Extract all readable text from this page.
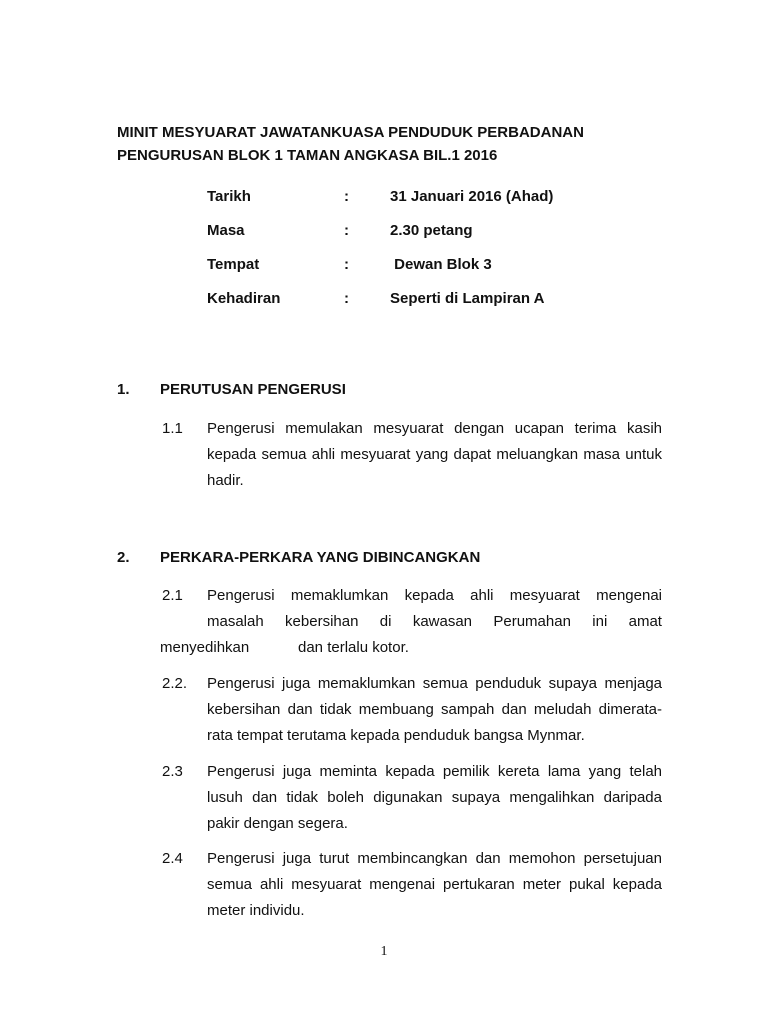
MINIT MESYUARAT JAWATANKUASA PENDUDUK PERBADANAN
PENGURUSAN BLOK 1 TAMAN ANGKASA BIL.1 2016
Tarikh	:	31 Januari 2016 (Ahad)
Masa	:	2.30 petang
Tempat	:	Dewan Blok 3
Kehadiran	:	Seperti di Lampiran A
1. PERUTUSAN PENGERUSI
1.1 Pengerusi memulakan mesyuarat dengan ucapan terima kasih kepada semua ahli mesyuarat yang dapat meluangkan masa untuk hadir.
2. PERKARA-PERKARA YANG DIBINCANGKAN
2.1 Pengerusi memaklumkan kepada ahli mesyuarat mengenai
masalah kebersihan di kawasan Perumahan ini amat
menyedihkan	dan terlalu kotor.
2.2. Pengerusi juga memaklumkan semua penduduk supaya menjaga kebersihan dan tidak membuang sampah dan meludah dimerata-rata tempat terutama kepada penduduk bangsa Mynmar.
2.3 Pengerusi juga meminta kepada pemilik kereta lama yang telah lusuh dan tidak boleh digunakan supaya mengalihkan daripada pakir dengan segera.
2.4 Pengerusi juga turut membincangkan dan memohon persetujuan semua ahli mesyuarat mengenai pertukaran meter pukal kepada meter individu.
1
